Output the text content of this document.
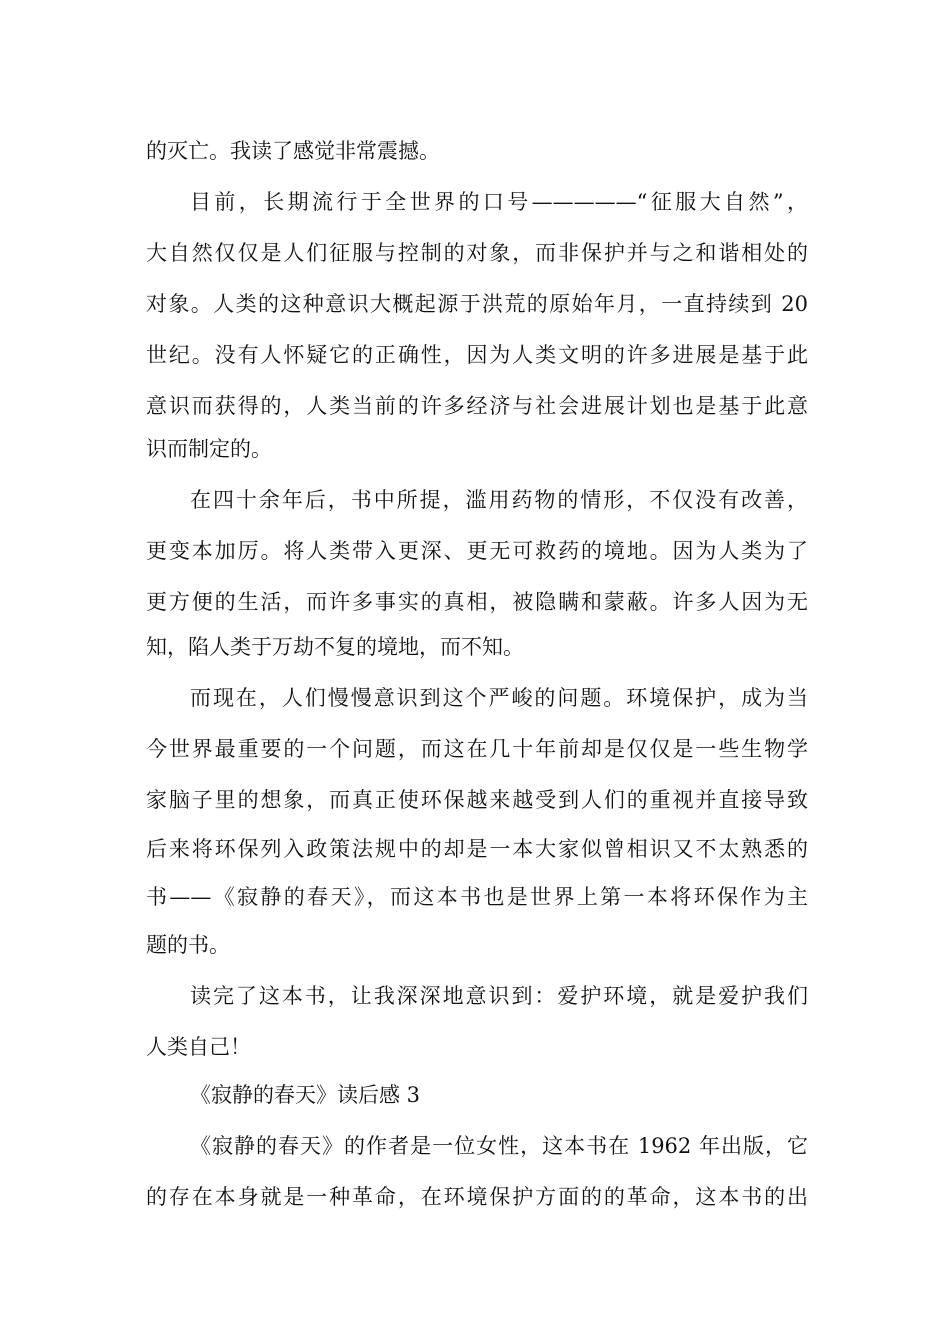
的灭亡。我读了感觉非常震撼。
目前，长期流行于全世界的口号—————“征服大自然”，
大自然仅仅是人们征服与控制的对象，而非保护并与之和谐相处的
对象。人类的这种意识大概起源于洪荒的原始年月，一直持续到 20
世纪。没有人怀疑它的正确性，因为人类文明的许多进展是基于此
意识而获得的，人类当前的许多经济与社会进展计划也是基于此意
识而制定的。
在四十余年后，书中所提，滥用药物的情形，不仅没有改善，
更变本加厉。将人类带入更深、更无可救药的境地。因为人类为了
更方便的生活，而许多事实的真相，被隐瞒和蒙蔽。许多人因为无
知，陷人类于万劫不复的境地，而不知。
而现在，人们慢慢意识到这个严峻的问题。环境保护，成为当
今世界最重要的一个问题，而这在几十年前却是仅仅是一些生物学
家脑子里的想象，而真正使环保越来越受到人们的重视并直接导致
后来将环保列入政策法规中的却是一本大家似曾相识又不太熟悉的
书——《寂静的春天》，而这本书也是世界上第一本将环保作为主
题的书。
读完了这本书，让我深深地意识到：爱护环境，就是爱护我们
人类自己！
《寂静的春天》读后感 3
《寂静的春天》的作者是一位女性，这本书在 1962 年出版，它
的存在本身就是一种革命，在环境保护方面的的革命，这本书的出
